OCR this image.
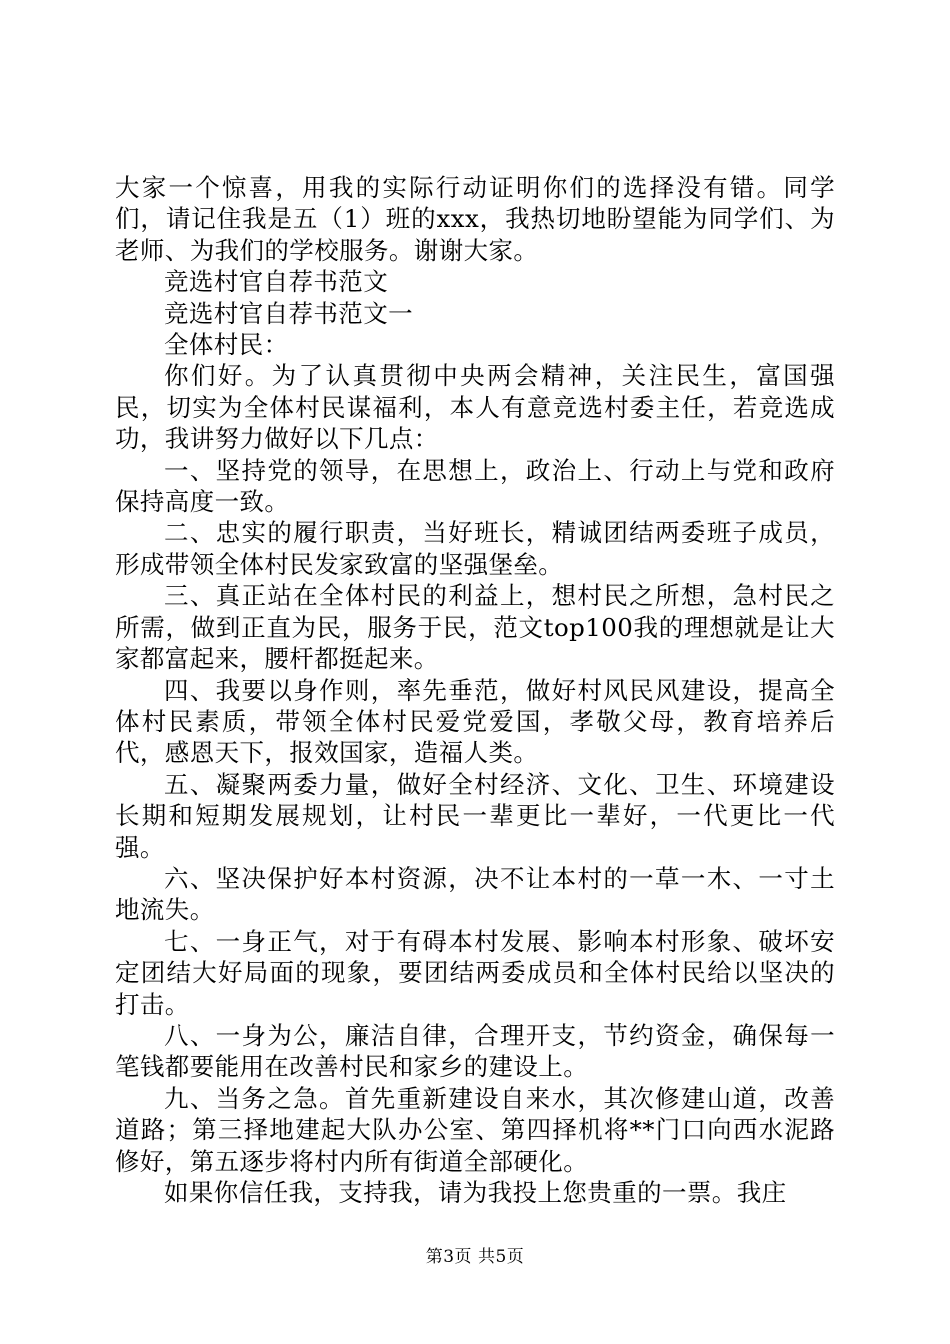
大家一个惊喜，用我的实际行动证明你们的选择没有错。同学们，请记住我是五（1）班的xxx，我热切地盼望能为同学们、为老师、为我们的学校服务。谢谢大家。

竞选村官自荐书范文

竞选村官自荐书范文一

全体村民：

你们好。为了认真贯彻中央两会精神，关注民生，富国强民，切实为全体村民谋福利，本人有意竞选村委主任，若竞选成功，我讲努力做好以下几点：

一、坚持党的领导，在思想上，政治上、行动上与党和政府保持高度一致。

二、忠实的履行职责，当好班长，精诚团结两委班子成员，形成带领全体村民发家致富的坚强堡垒。

三、真正站在全体村民的利益上，想村民之所想，急村民之所需，做到正直为民，服务于民，范文top100我的理想就是让大家都富起来，腰杆都挺起来。

四、我要以身作则，率先垂范，做好村风民风建设，提高全体村民素质，带领全体村民爱党爱国，孝敬父母，教育培养后代，感恩天下，报效国家，造福人类。

五、凝聚两委力量，做好全村经济、文化、卫生、环境建设长期和短期发展规划，让村民一辈更比一辈好，一代更比一代强。

六、坚决保护好本村资源，决不让本村的一草一木、一寸土地流失。

七、一身正气，对于有碍本村发展、影响本村形象、破坏安定团结大好局面的现象，要团结两委成员和全体村民给以坚决的打击。

八、一身为公，廉洁自律，合理开支，节约资金，确保每一笔钱都要能用在改善村民和家乡的建设上。

九、当务之急。首先重新建设自来水，其次修建山道，改善道路；第三择地建起大队办公室、第四择机将**门口向西水泥路修好，第五逐步将村内所有街道全部硬化。

如果你信任我，支持我，请为我投上您贵重的一票。我庄

第3页 共5页
